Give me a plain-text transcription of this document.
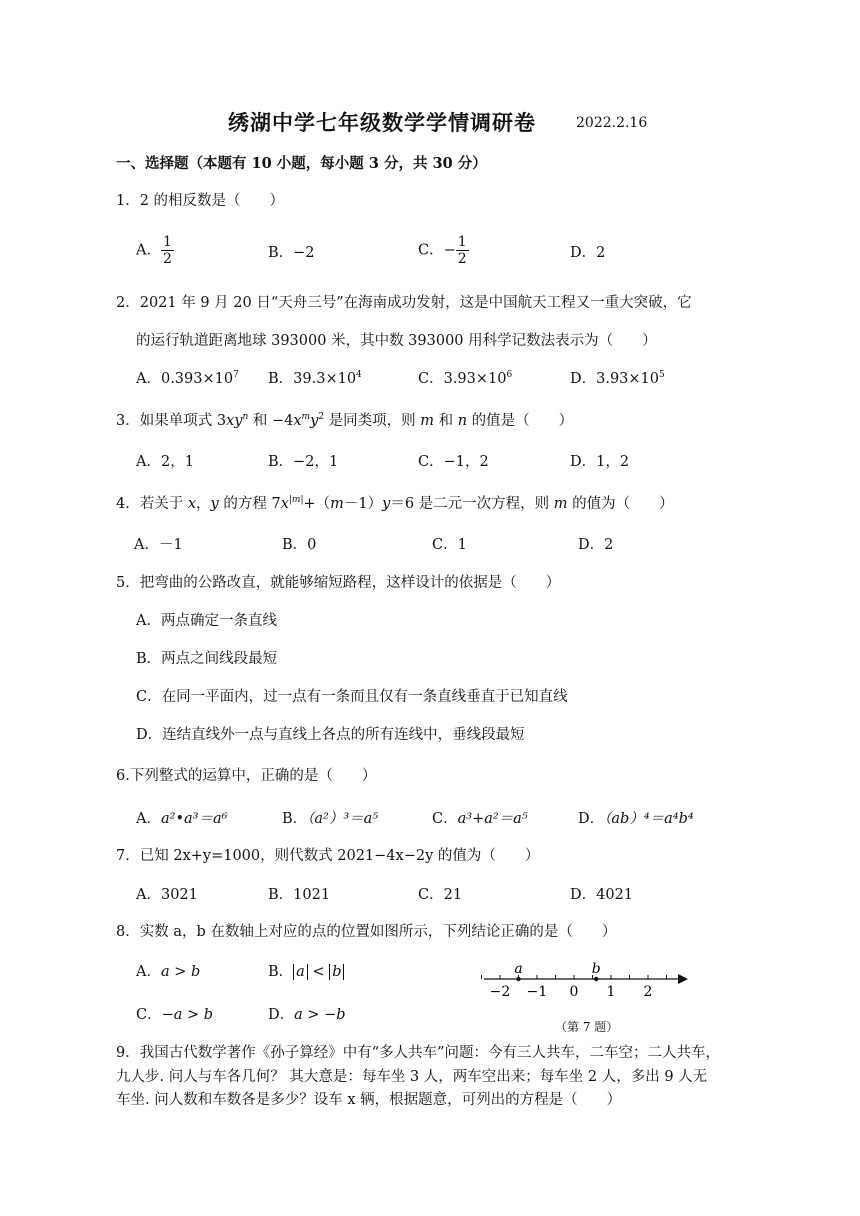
绣湖中学七年级数学学情调研卷	2022.2.16
一、选择题（本题有 10 小题，每小题 3 分，共 30 分）
1．2 的相反数是（　　）
A． $\frac{1}{2}$	B．−2	C．− $\frac{1}{2}$	D．2
2．2021 年 9 月 20 日“天舟三号”在海南成功发射，这是中国航天工程又一重大突破，它
的运行轨道距离地球 393000 米，其中数 393000 用科学记数法表示为（　　）
A．$0.393\times 10^7$ B．$39.3\times 10^4$	C．$3.93\times 10^6$	D．$3.93\times 10^5$
3．如果单项式 $3xy^n$ 和 $-4x^my^2$ 是同类项，则 m 和 n 的值是（　　）
A．2，1	B．−2，1	C．−1，2	D．1，2
4．若关于 x，y 的方程 $7x^{|m|}+(m-1)y=6$ 是二元一次方程，则 m 的值为（　　）
A．－1	B．0	C．1	D．2
5．把弯曲的公路改直，就能够缩短路程，这样设计的依据是（　　）
A．两点确定一条直线
B．两点之间线段最短
C．在同一平面内，过一点有一条而且仅有一条直线垂直于已知直线
D．连结直线外一点与直线上各点的所有连线中，垂线段最短
6.下列整式的运算中，正确的是（　　）
A．a²•a³＝a⁶	B．（a²）³＝a⁵	C．a³+a²＝a⁵	D．（ab）⁴＝a⁴b⁴
7．已知 2x+y=1000，则代数式 2021−4x−2y 的值为（　　）
A．3021	B．1021	C．21	D．4021
8．实数 a，b 在数轴上对应的点的位置如图所示，下列结论正确的是（　　）
A．a > b	B． a < b
C．−a > b	D．a > −b
−2 −1 0 1 2
a	b
（第 7 题）
9．我国古代数学著作《孙子算经》中有“多人共车”问题：今有三人共车，二车空；二人共车，
九人步. 问人与车各几何？ 其大意是：每车坐 3 人，两车空出来；每车坐 2 人，多出 9 人无
车坐. 问人数和车数各是多少？设车 x 辆，根据题意，可列出的方程是（　　）
